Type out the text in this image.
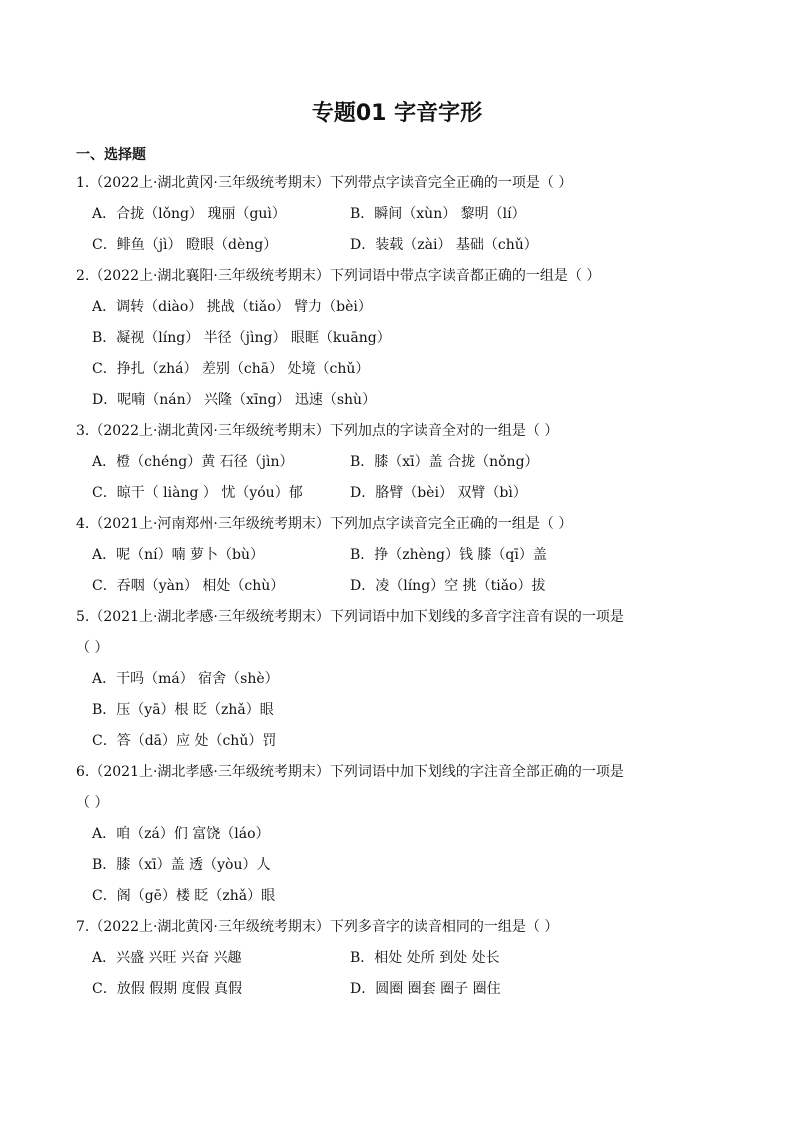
专题01 字音字形
一、选择题
1.（2022上·湖北黄冈·三年级统考期末）下列带点字读音完全正确的一项是（ ）
A．合拢（lǒng） 瑰丽（guì）	B．瞬间（xùn） 黎明（lí）
C．鲱鱼（jì） 瞪眼（dèng）	D．装载（zài） 基础（chǔ）
2.（2022上·湖北襄阳·三年级统考期末）下列词语中带点字读音都正确的一组是（ ）
A．调转（diào） 挑战（tiǎo） 臂力（bèi）
B．凝视（líng） 半径（jìng） 眼眶（kuāng）
C．挣扎（zhá） 差别（chā） 处境（chǔ）
D．呢喃（nán） 兴隆（xīng） 迅速（shù）
3.（2022上·湖北黄冈·三年级统考期末）下列加点的字读音全对的一组是（ ）
A．橙（chéng）黄 石径（jìn）	B．膝（xī）盖 合拢（nǒng）
C．晾干（ liàng ） 忧（yóu）郁	D．胳臂（bèi） 双臂（bì）
4.（2021上·河南郑州·三年级统考期末）下列加点字读音完全正确的一组是（ ）
A．呢（ní）喃 萝卜（bù）	B．挣（zhèng）钱 膝（qī）盖
C．吞咽（yàn） 相处（chù）	D．凌（líng）空 挑（tiǎo）拔
5.（2021上·湖北孝感·三年级统考期末）下列词语中加下划线的多音字注音有误的一项是
（ ）
A．干吗（má） 宿舍（shè）
B．压（yā）根 眨（zhǎ）眼
C．答（dā）应 处（chǔ）罚
6.（2021上·湖北孝感·三年级统考期末）下列词语中加下划线的字注音全部正确的一项是
（ ）
A．咱（zá）们 富饶（láo）
B．膝（xī）盖 透（yòu）人
C．阁（gē）楼 眨（zhǎ）眼
7.（2022上·湖北黄冈·三年级统考期末）下列多音字的读音相同的一组是（ ）
A．兴盛 兴旺 兴奋 兴趣	B．相处 处所 到处 处长
C．放假 假期 度假 真假	D．圆圈 圈套 圈子 圈住
